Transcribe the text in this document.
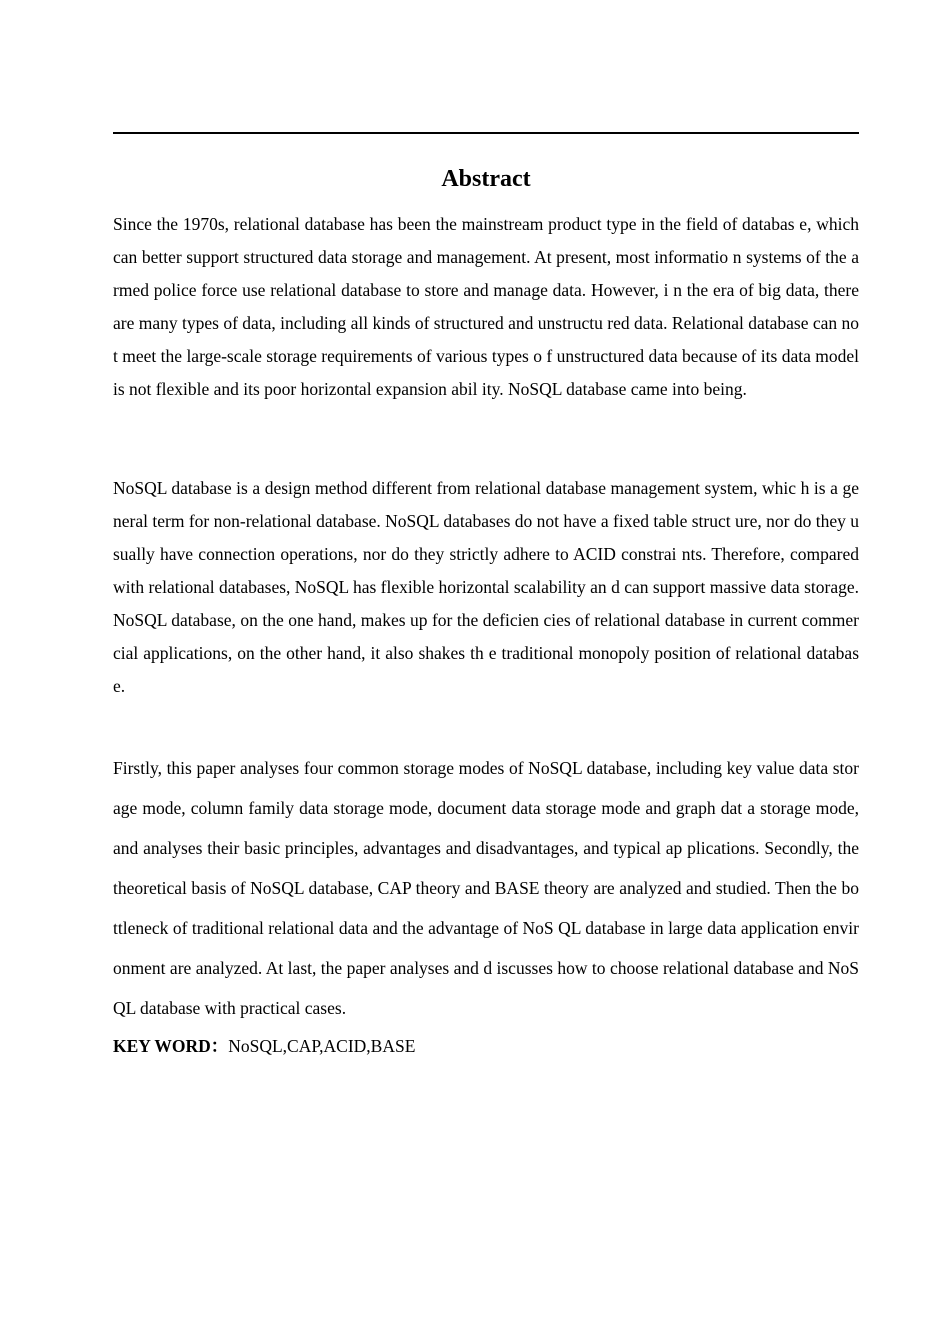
Abstract

Since the 1970s, relational database has been the mainstream product type in the field of databas e, which can better support structured data storage and management. At present, most informatio n systems of the armed police force use relational database to store and manage data. However, i n the era of big data, there are many types of data, including all kinds of structured and unstructu red data. Relational database can not meet the large-scale storage requirements of various types o f unstructured data because of its data model is not flexible and its poor horizontal expansion abil ity. NoSQL database came into being.

NoSQL database is a design method different from relational database management system, whic h is a general term for non-relational database. NoSQL databases do not have a fixed table struct ure, nor do they usually have connection operations, nor do they strictly adhere to ACID constrai nts. Therefore, compared with relational databases, NoSQL has flexible horizontal scalability an d can support massive data storage. NoSQL database, on the one hand, makes up for the deficien cies of relational database in current commercial applications, on the other hand, it also shakes th e traditional monopoly position of relational database.

Firstly, this paper analyses four common storage modes of NoSQL database, including key value data storage mode, column family data storage mode, document data storage mode and graph dat a storage mode, and analyses their basic principles, advantages and disadvantages, and typical ap plications. Secondly, the theoretical basis of NoSQL database, CAP theory and BASE theory are analyzed and studied. Then the bottleneck of traditional relational data and the advantage of NoS QL database in large data application environment are analyzed. At last, the paper analyses and d iscusses how to choose relational database and NoSQL database with practical cases.

KEY WORD：NoSQL,CAP,ACID,BASE
